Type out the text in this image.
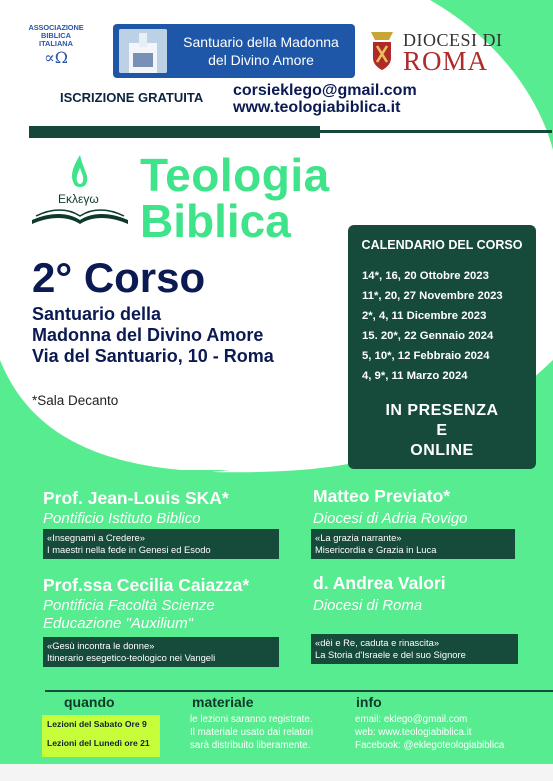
ASSOCIAZIONE
BIBLICA
ITALIANA
∝Ω
Santuario della Madonna
del Divino Amore
DIOCESI DI
ROMA
ISCRIZIONE GRATUITA corsieklego@gmail.com
www.teologiabiblica.it
Εκλεγω Teologia
Biblica
2° Corso
Santuario della
Madonna del Divino Amore
Via del Santuario, 10 - Roma
*Sala Decanto
CALENDARIO DEL CORSO
14*, 16, 20 Ottobre 2023
11*, 20, 27 Novembre 2023
2*, 4, 11 Dicembre 2023
15. 20*, 22 Gennaio 2024
5, 10*, 12 Febbraio 2024
4, 9*, 11 Marzo 2024
IN PRESENZA
E
ONLINE
Prof. Jean-Louis SKA*
Pontificio Istituto Biblico
«Insegnami a Credere»
I maestri nella fede in Genesi ed Esodo
Matteo Previato*
Diocesi di Adria Rovigo
«La grazia narrante»
Misericordia e Grazia in Luca
Prof.ssa Cecilia Caiazza*
Pontificia Facoltà Scienze
Educazione "Auxilium"
«Gesù incontra le donne»
Itinerario esegetico-teologico nei Vangeli
d. Andrea Valori
Diocesi di Roma
«dèi e Re, caduta e rinascita»
La Storia d'Israele e del suo Signore
quando	materiale	info
Lezioni del Sabato Ore 9
Lezioni del Lunedì ore 21
le lezioni saranno registrate.
Il materiale usato dai relatori
sarà distribuito liberamente.
email: eklego@gmail.com
web: www.teologiabiblica.it
Facebook: @eklegoteologiabiblica
